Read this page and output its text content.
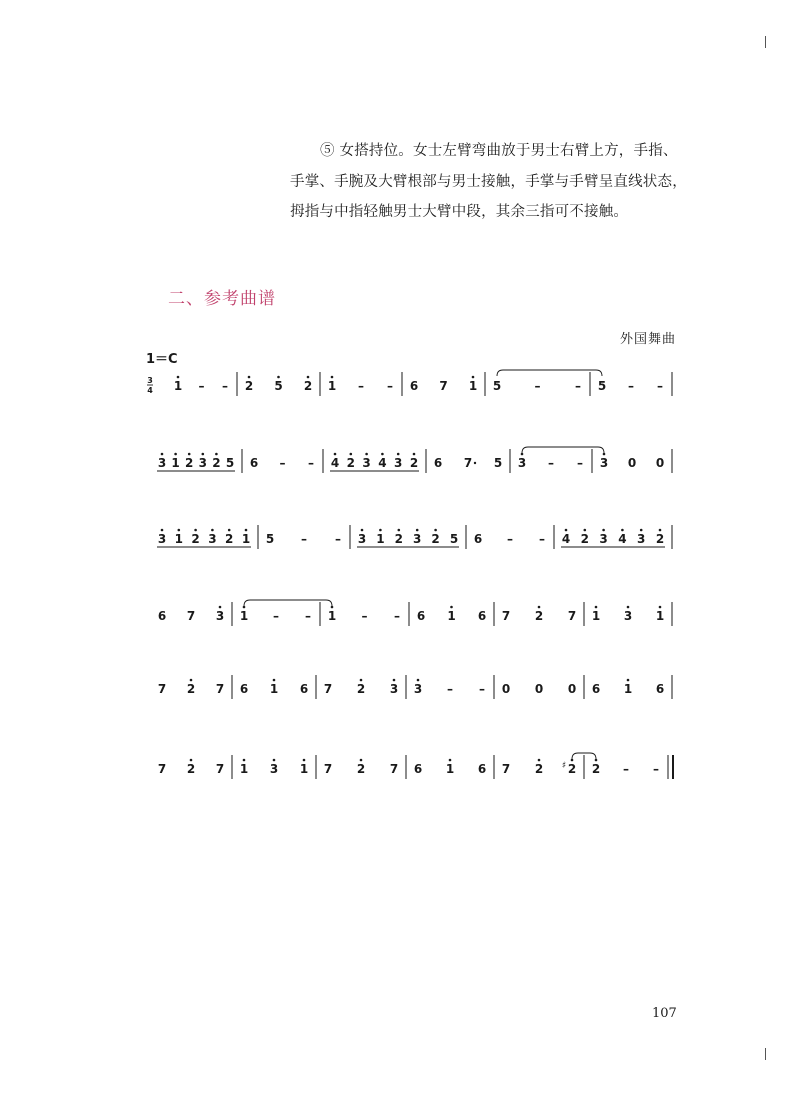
⑤ 女搭持位。女士左臂弯曲放于男士右臂上方，手指、

手掌、手腕及大臂根部与男士接触，手掌与手臂呈直线状态，

拇指与中指轻触男士大臂中段，其余三指可不接触。

二、参考曲谱
外国舞曲
1＝C
3
4 1 – – 2 5 2 1 – – 6 7 1 5	–	– 5 – –
3 1 2 3 2 5 6 – – 4 2 3 4 3 2 6 7 5 3 – – 3 0 0
3 1 2 3 2 1 5 – – 3 1 2 3 2 5 6 – – 4 2 3 4 3 2
6 7 3 1 – – 1 – – 6 1 6 7 2 7 1 3 1
7 2 7 6 1 6 7 2 3 3 – – 0 0 0 6 1 6
7 2 7 1 3 1 7 2 7 6 1 6 7 2 2
♯ 2 – –
107
